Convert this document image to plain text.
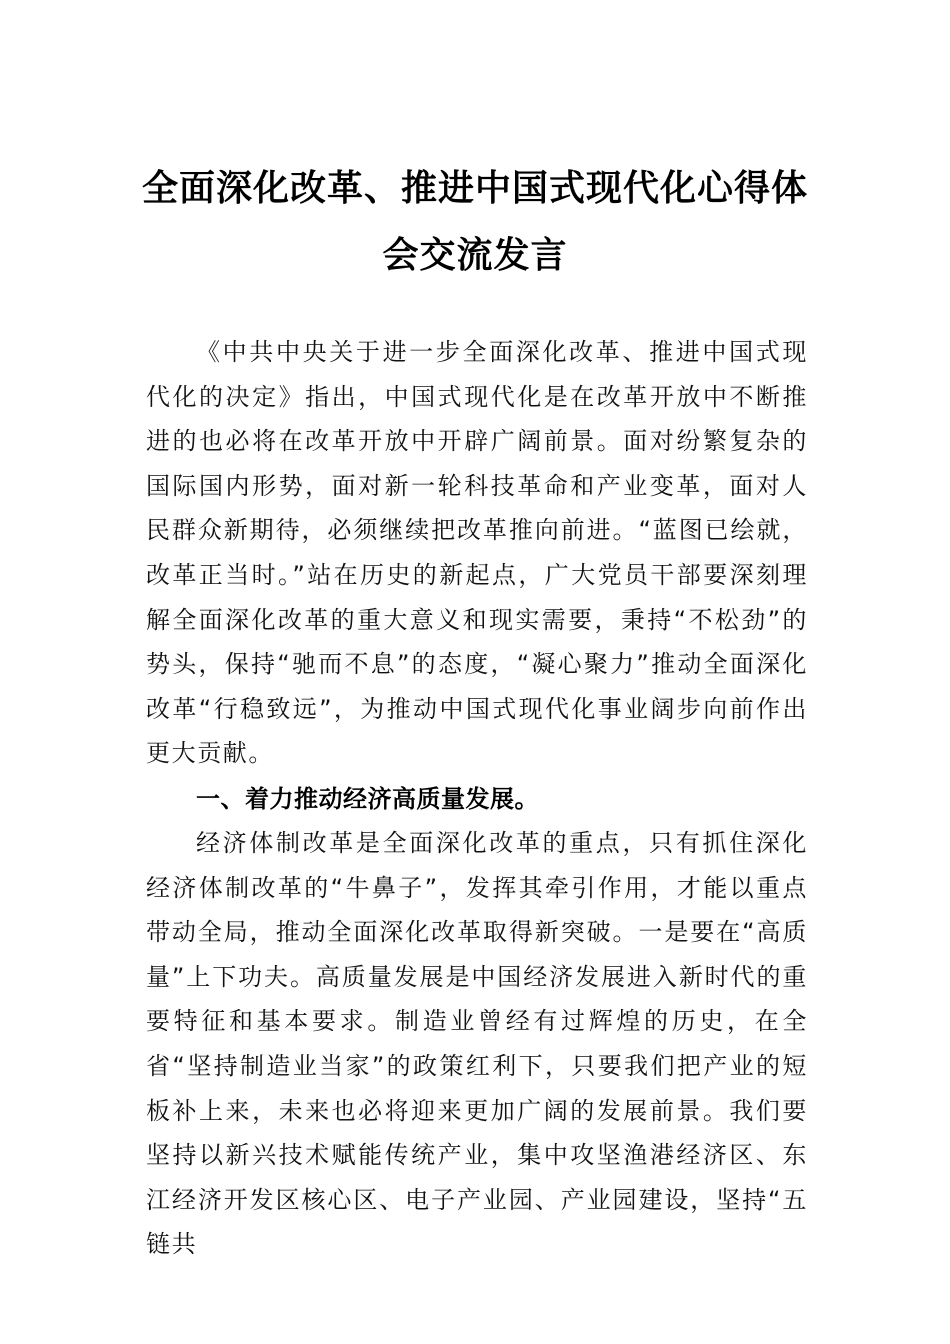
全面深化改革、推进中国式现代化心得体
会交流发言

《中共中央关于进一步全面深化改革、推进中国式现代化的决定》指出，中国式现代化是在改革开放中不断推进的也必将在改革开放中开辟广阔前景。面对纷繁复杂的国际国内形势，面对新一轮科技革命和产业变革，面对人民群众新期待，必须继续把改革推向前进。“蓝图已绘就，改革正当时。”站在历史的新起点，广大党员干部要深刻理解全面深化改革的重大意义和现实需要，秉持“不松劲”的势头，保持“驰而不息”的态度，“凝心聚力”推动全面深化改革“行稳致远”，为推动中国式现代化事业阔步向前作出更大贡献。

一、着力推动经济高质量发展。

经济体制改革是全面深化改革的重点，只有抓住深化经济体制改革的“牛鼻子”，发挥其牵引作用，才能以重点带动全局，推动全面深化改革取得新突破。一是要在“高质量”上下功夫。高质量发展是中国经济发展进入新时代的重要特征和基本要求。制造业曾经有过辉煌的历史，在全省“坚持制造业当家”的政策红利下，只要我们把产业的短板补上来，未来也必将迎来更加广阔的发展前景。我们要坚持以新兴技术赋能传统产业，集中攻坚渔港经济区、东江经济开发区核心区、电子产业园、产业园建设，坚持“五链共
